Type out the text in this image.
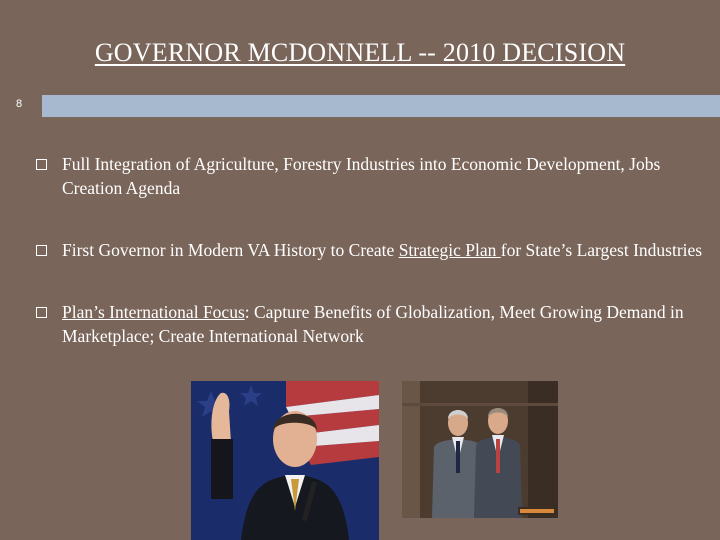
GOVERNOR MCDONNELL -- 2010 DECISION
8
Full Integration of Agriculture, Forestry Industries into Economic Development, Jobs Creation Agenda
First Governor in Modern VA History to Create Strategic Plan for State’s Largest Industries
Plan’s International Focus: Capture Benefits of Globalization, Meet Growing Demand in Marketplace; Create International Network
